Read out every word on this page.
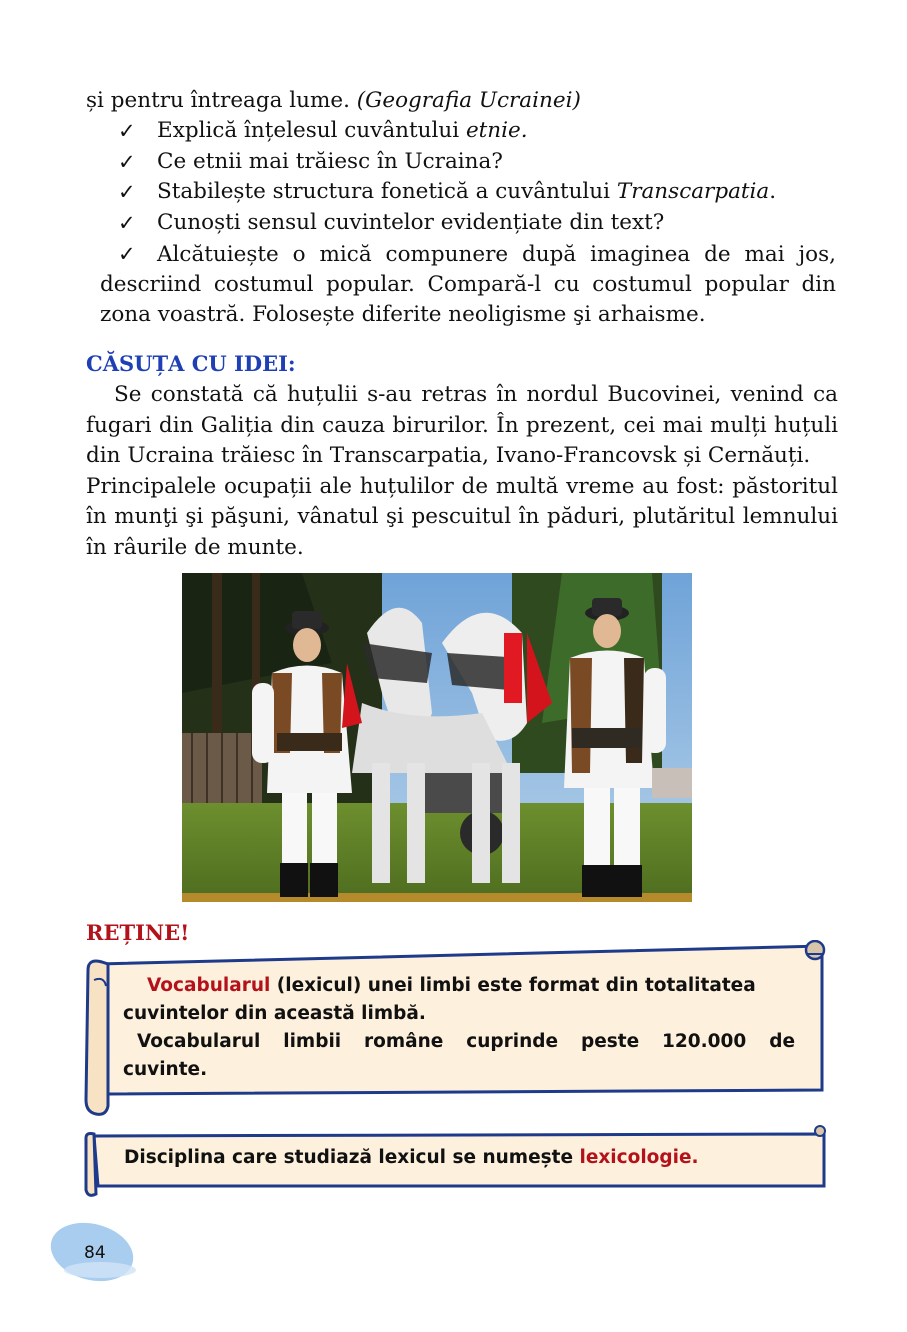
și pentru întreaga lume. (Geografia Ucrainei)
✓ Explică înțelesul cuvântului etnie.
✓ Ce etnii mai trăiesc în Ucraina?
✓ Stabilește structura fonetică a cuvântului Transcarpatia.
✓ Cunoști sensul cuvintelor evidențiate din text?
✓ Alcătuiește o mică compunere după imaginea de mai jos,
descriind costumul popular. Compară-l cu costumul popular din
zona voastră. Folosește diferite neoligisme şi arhaisme.
CĂSUȚA CU IDEI:
Se constată că huțulii s-au retras în nordul Bucovinei, venind ca
fugari din Galiția din cauza birurilor. În prezent, cei mai mulți huțuli
din Ucraina trăiesc în Transcarpatia, Ivano-Francovsk și Cernăuți.
Principalele ocupații ale huțulilor de multă vreme au fost: păstoritul
în munţi şi păşuni, vânatul şi pescuitul în păduri, plutăritul lemnului
în râurile de munte.
REȚINE!
Vocabularul (lexicul) unei limbi este format din totalitatea
cuvintelor din această limbă.
Vocabularul limbii române cuprinde peste 120.000 de
cuvinte.
Disciplina care studiază lexicul se numește lexicologie.
84
